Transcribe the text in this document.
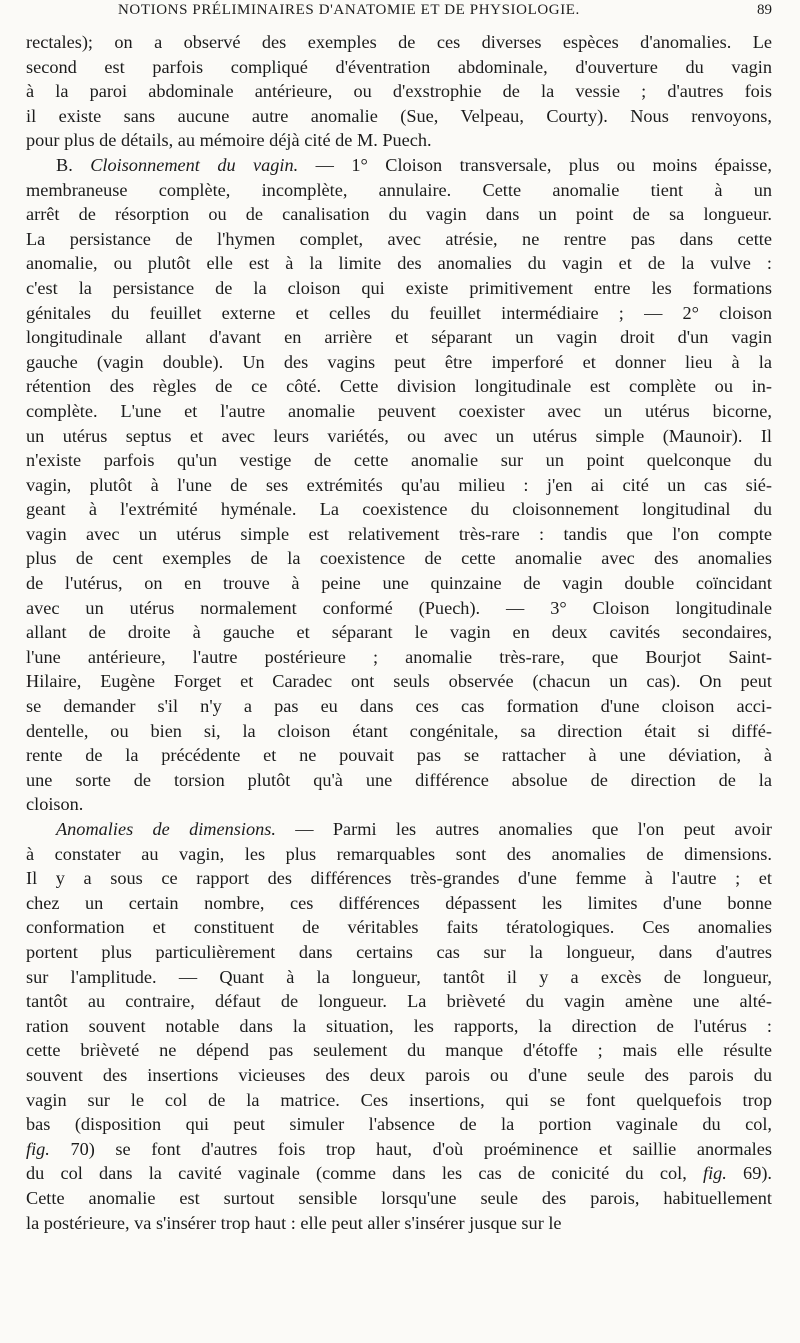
NOTIONS PRÉLIMINAIRES D'ANATOMIE ET DE PHYSIOLOGIE.	89
rectales); on a observé des exemples de ces diverses espèces d'anomalies. Le
second est parfois compliqué d'éventration abdominale, d'ouverture du vagin
à la paroi abdominale antérieure, ou d'exstrophie de la vessie ; d'autres fois
il existe sans aucune autre anomalie (Sue, Velpeau, Courty). Nous renvoyons,
pour plus de détails, au mémoire déjà cité de M. Puech.
B. Cloisonnement du vagin. — 1° Cloison transversale, plus ou moins épaisse,
membraneuse complète, incomplète, annulaire. Cette anomalie tient à un
arrêt de résorption ou de canalisation du vagin dans un point de sa longueur.
La persistance de l'hymen complet, avec atrésie, ne rentre pas dans cette
anomalie, ou plutôt elle est à la limite des anomalies du vagin et de la vulve :
c'est la persistance de la cloison qui existe primitivement entre les formations
génitales du feuillet externe et celles du feuillet intermédiaire ; — 2° cloison
longitudinale allant d'avant en arrière et séparant un vagin droit d'un vagin
gauche (vagin double). Un des vagins peut être imperforé et donner lieu à la
rétention des règles de ce côté. Cette division longitudinale est complète ou in-
complète. L'une et l'autre anomalie peuvent coexister avec un utérus bicorne,
un utérus septus et avec leurs variétés, ou avec un utérus simple (Maunoir). Il
n'existe parfois qu'un vestige de cette anomalie sur un point quelconque du
vagin, plutôt à l'une de ses extrémités qu'au milieu : j'en ai cité un cas sié-
geant à l'extrémité hyménale. La coexistence du cloisonnement longitudinal du
vagin avec un utérus simple est relativement très-rare : tandis que l'on compte
plus de cent exemples de la coexistence de cette anomalie avec des anomalies
de l'utérus, on en trouve à peine une quinzaine de vagin double coïncidant
avec un utérus normalement conformé (Puech). — 3° Cloison longitudinale
allant de droite à gauche et séparant le vagin en deux cavités secondaires,
l'une antérieure, l'autre postérieure ; anomalie très-rare, que Bourjot Saint-
Hilaire, Eugène Forget et Caradec ont seuls observée (chacun un cas). On peut
se demander s'il n'y a pas eu dans ces cas formation d'une cloison acci-
dentelle, ou bien si, la cloison étant congénitale, sa direction était si diffé-
rente de la précédente et ne pouvait pas se rattacher à une déviation, à
une sorte de torsion plutôt qu'à une différence absolue de direction de la
cloison.
Anomalies de dimensions. — Parmi les autres anomalies que l'on peut avoir
à constater au vagin, les plus remarquables sont des anomalies de dimensions.
Il y a sous ce rapport des différences très-grandes d'une femme à l'autre ; et
chez un certain nombre, ces différences dépassent les limites d'une bonne
conformation et constituent de véritables faits tératologiques. Ces anomalies
portent plus particulièrement dans certains cas sur la longueur, dans d'autres
sur l'amplitude. — Quant à la longueur, tantôt il y a excès de longueur,
tantôt au contraire, défaut de longueur. La brièveté du vagin amène une alté-
ration souvent notable dans la situation, les rapports, la direction de l'utérus :
cette brièveté ne dépend pas seulement du manque d'étoffe ; mais elle résulte
souvent des insertions vicieuses des deux parois ou d'une seule des parois du
vagin sur le col de la matrice. Ces insertions, qui se font quelquefois trop
bas (disposition qui peut simuler l'absence de la portion vaginale du col,
fig. 70) se font d'autres fois trop haut, d'où proéminence et saillie anormales
du col dans la cavité vaginale (comme dans les cas de conicité du col, fig. 69).
Cette anomalie est surtout sensible lorsqu'une seule des parois, habituellement
la postérieure, va s'insérer trop haut : elle peut aller s'insérer jusque sur le
